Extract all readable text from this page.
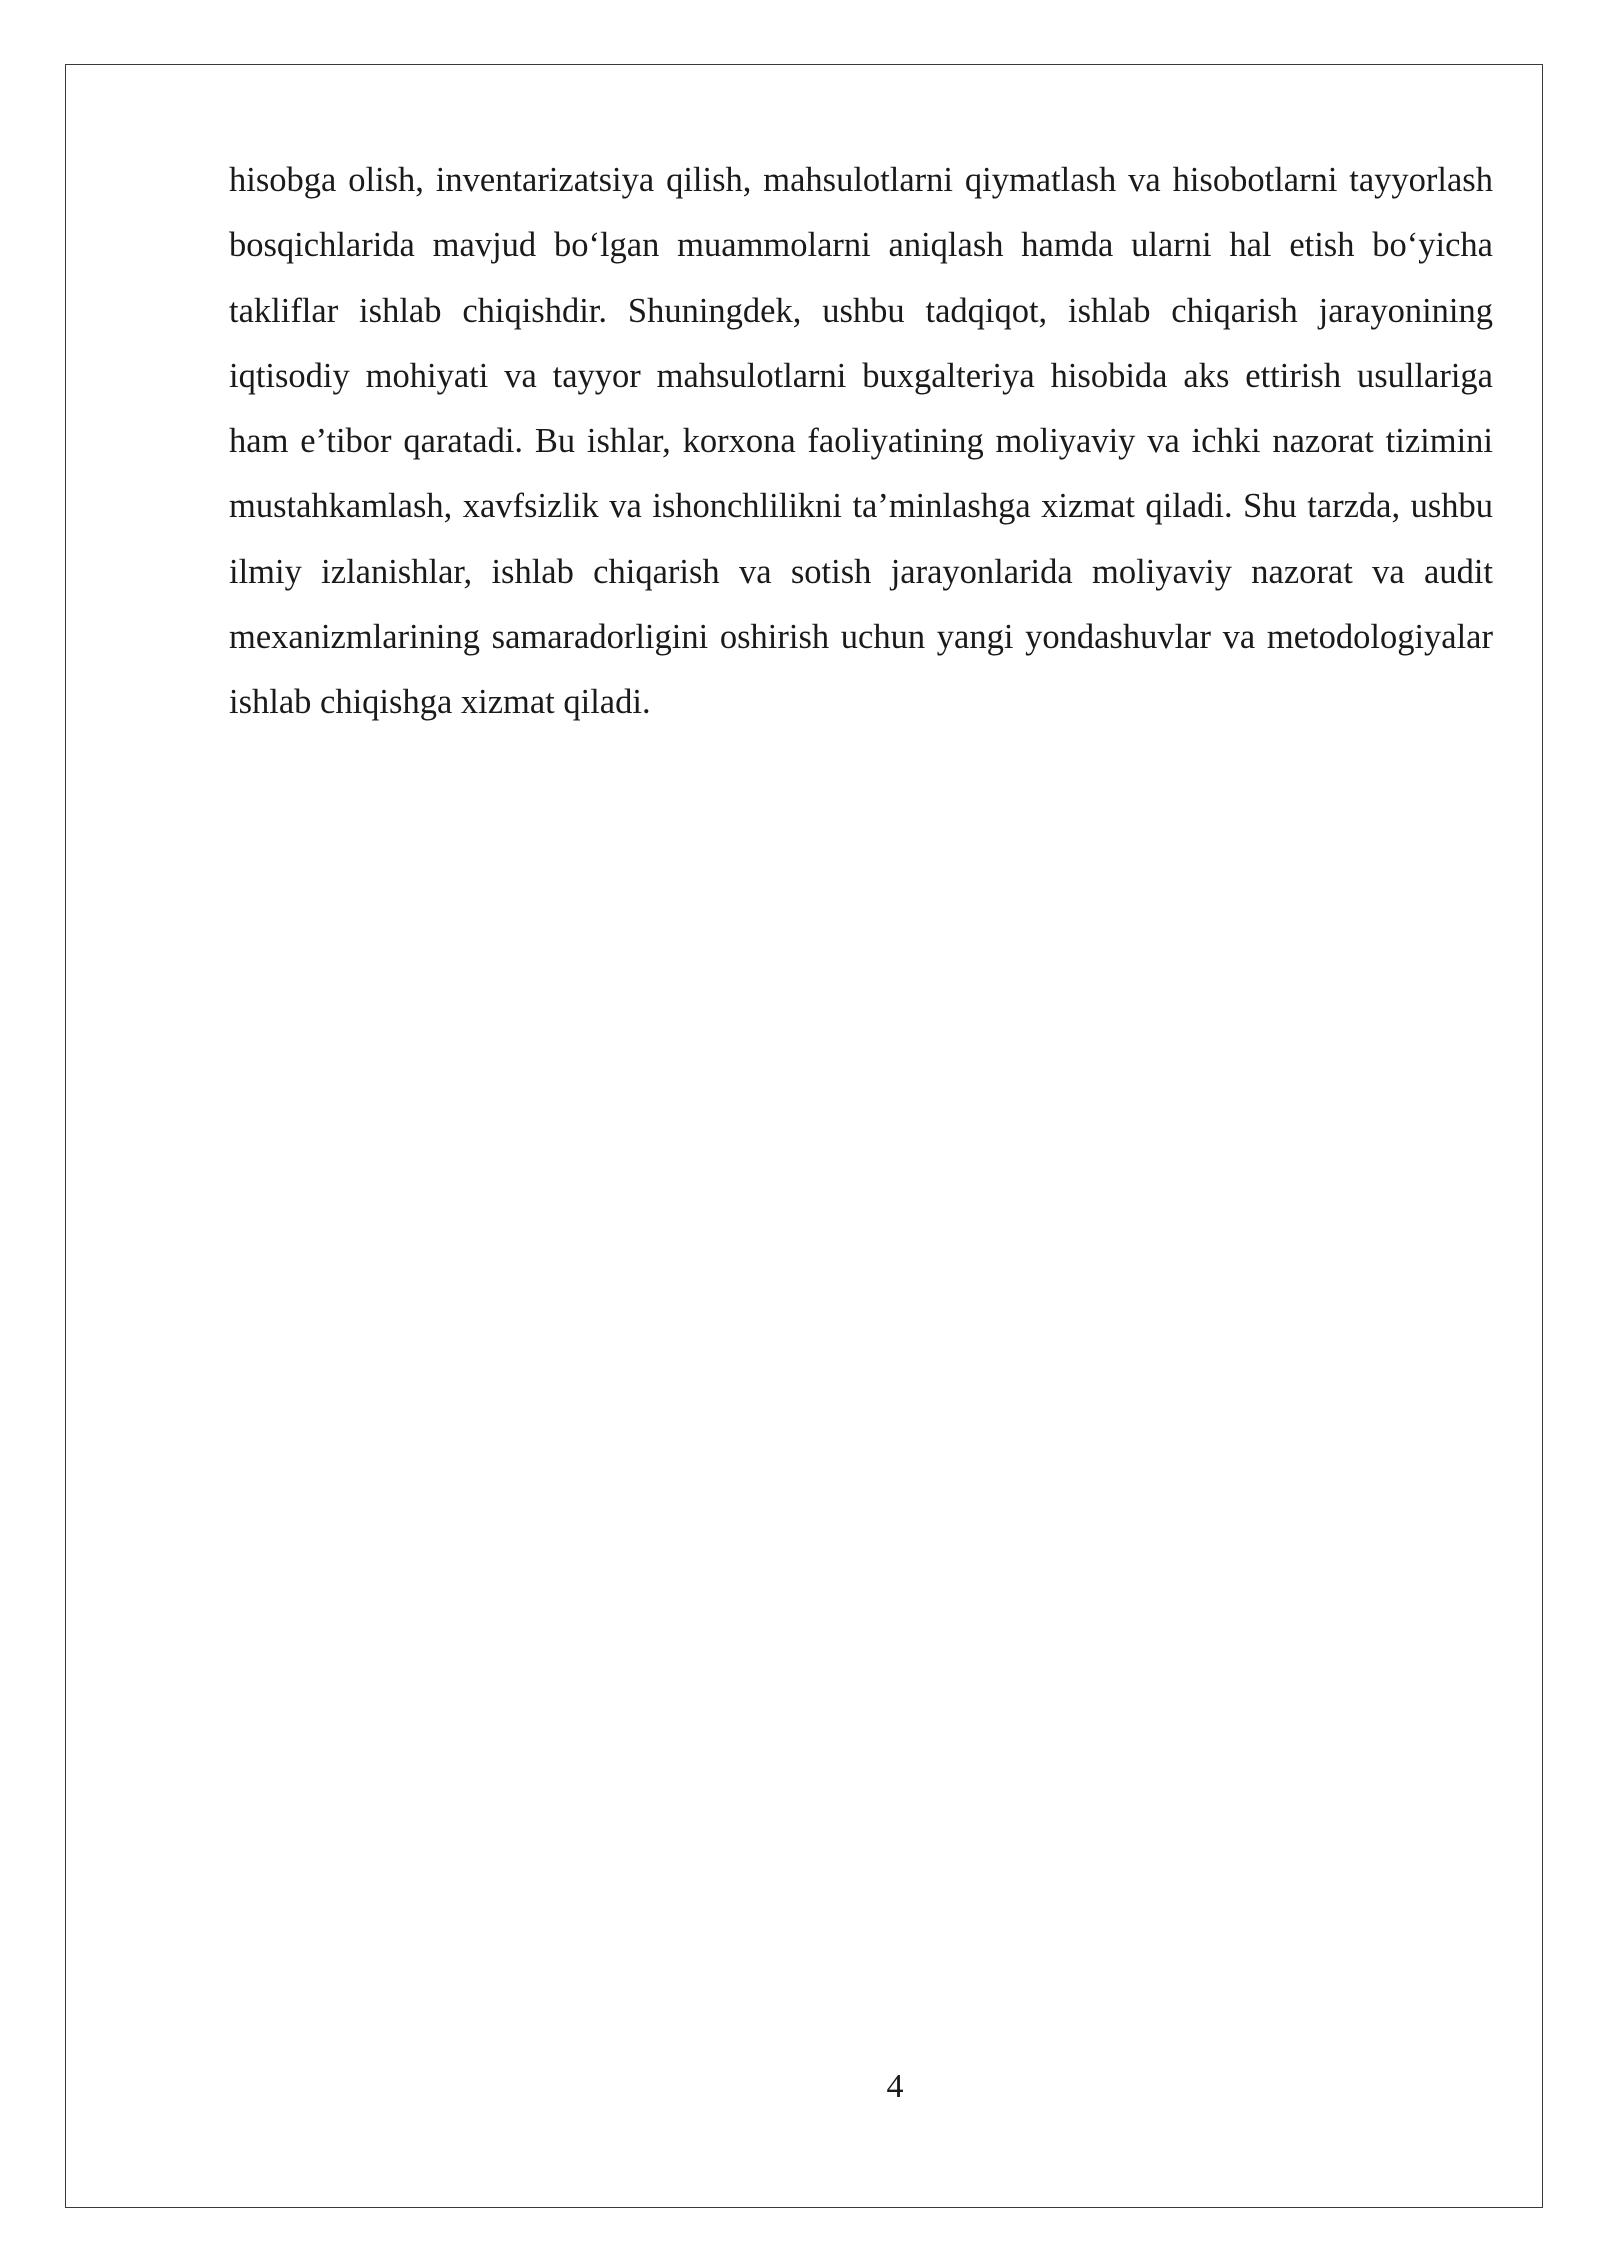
hisobga olish, inventarizatsiya qilish, mahsulotlarni qiymatlash va hisobotlarni tayyorlash bosqichlarida mavjud bo‘lgan muammolarni aniqlash hamda ularni hal etish bo‘yicha takliflar ishlab chiqishdir. Shuningdek, ushbu tadqiqot, ishlab chiqarish jarayonining iqtisodiy mohiyati va tayyor mahsulotlarni buxgalteriya hisobida aks ettirish usullariga ham e’tibor qaratadi. Bu ishlar, korxona faoliyatining moliyaviy va ichki nazorat tizimini mustahkamlash, xavfsizlik va ishonchlilikni ta’minlashga xizmat qiladi. Shu tarzda, ushbu ilmiy izlanishlar, ishlab chiqarish va sotish jarayonlarida moliyaviy nazorat va audit mexanizmlarining samaradorligini oshirish uchun yangi yondashuvlar va metodologiyalar ishlab chiqishga xizmat qiladi.

4
